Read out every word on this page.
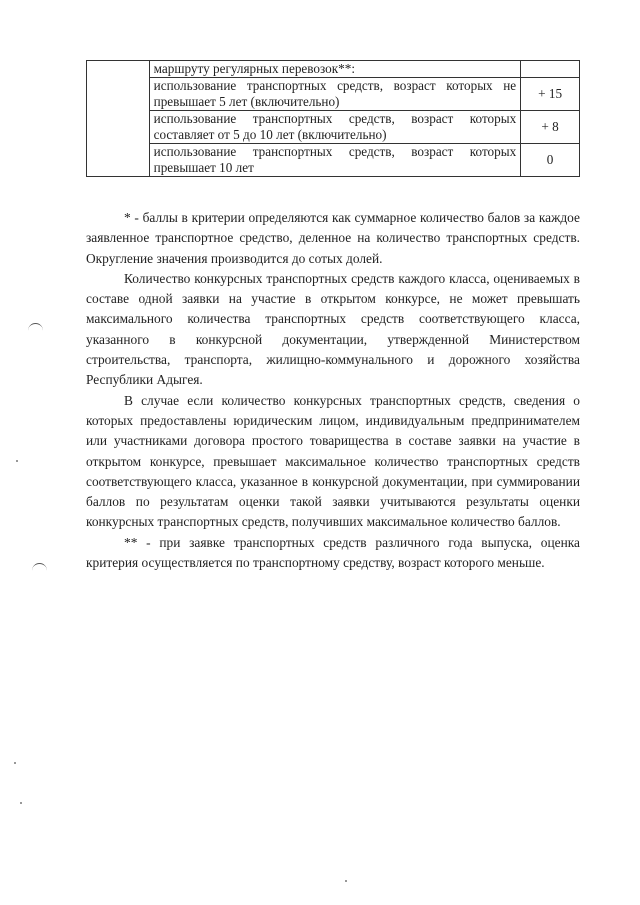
	маршруту регулярных перевозок**:	
	использование транспортных средств, возраст которых не превышает 5 лет (включительно)	+ 15
	использование транспортных средств, возраст которых составляет от 5 до 10 лет (включительно)	+ 8
	использование транспортных средств, возраст которых превышает 10 лет	0

* - баллы в критерии определяются как суммарное количество балов за каждое заявленное транспортное средство, деленное на количество транспортных средств. Округление значения производится до сотых долей.

Количество конкурсных транспортных средств каждого класса, оцениваемых в составе одной заявки на участие в открытом конкурсе, не может превышать максимального количества транспортных средств соответствующего класса, указанного в конкурсной документации, утвержденной Министерством строительства, транспорта, жилищно-коммунального и дорожного хозяйства Республики Адыгея.

В случае если количество конкурсных транспортных средств, сведения о которых предоставлены юридическим лицом, индивидуальным предпринимателем или участниками договора простого товарищества в составе заявки на участие в открытом конкурсе, превышает максимальное количество транспортных средств соответствующего класса, указанное в конкурсной документации, при суммировании баллов по результатам оценки такой заявки учитываются результаты оценки конкурсных транспортных средств, получивших максимальное количество баллов.

** - при заявке транспортных средств различного года выпуска, оценка критерия осуществляется по транспортному средству, возраст которого меньше.
